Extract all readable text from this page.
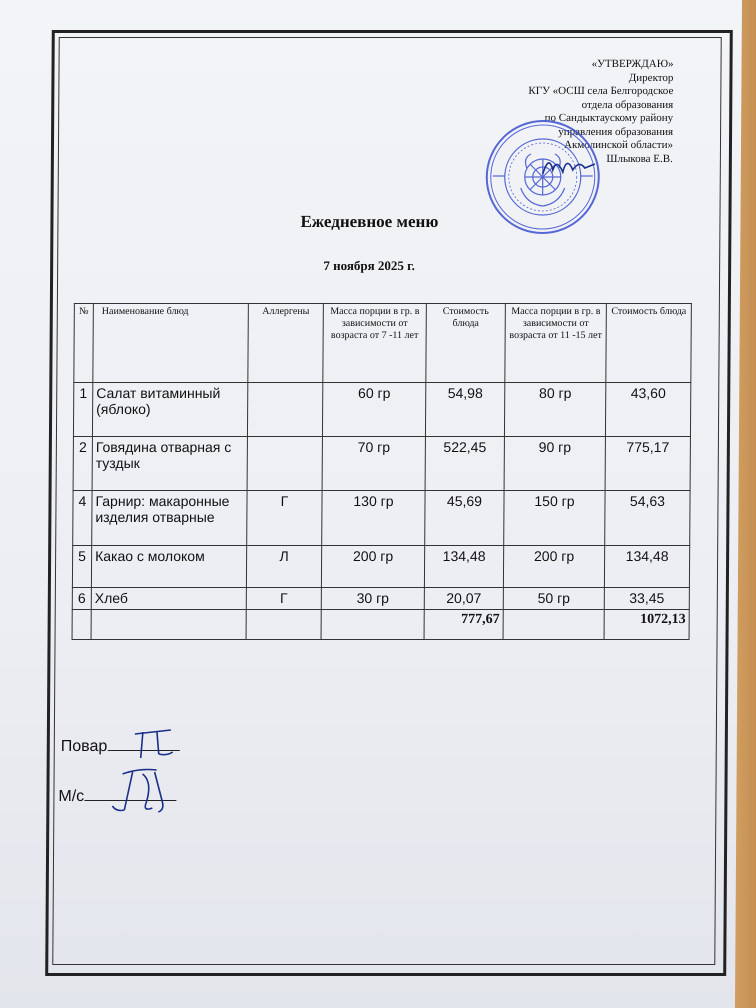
«УТВЕРЖДАЮ»
Директор
КГУ «ОСШ села Белгородское
отдела образования
по Сандыктаускому району
управления образования
Акмолинской области»
Шлыкова Е.В.
Ежедневное меню
7 ноября 2025 г.
№	Наименование блюд	Аллергены	Масса порции в гр. в зависимости от возраста от 7 -11 лет	Стоимость блюда	Масса порции в гр. в зависимости от возраста от 11 -15 лет	Стоимость блюда
1	Салат витаминный (яблоко)		60 гр	54,98	80 гр	43,60
2	Говядина отварная с туздык		70 гр	522,45	90 гр	775,17
4	Гарнир: макаронные изделия отварные	Г	130 гр	45,69	150 гр	54,63
5	Какао с молоком	Л	200 гр	134,48	200 гр	134,48
6	Хлеб	Г	30 гр	20,07	50 гр	33,45
				777,67		1072,13
Повар
М/с
